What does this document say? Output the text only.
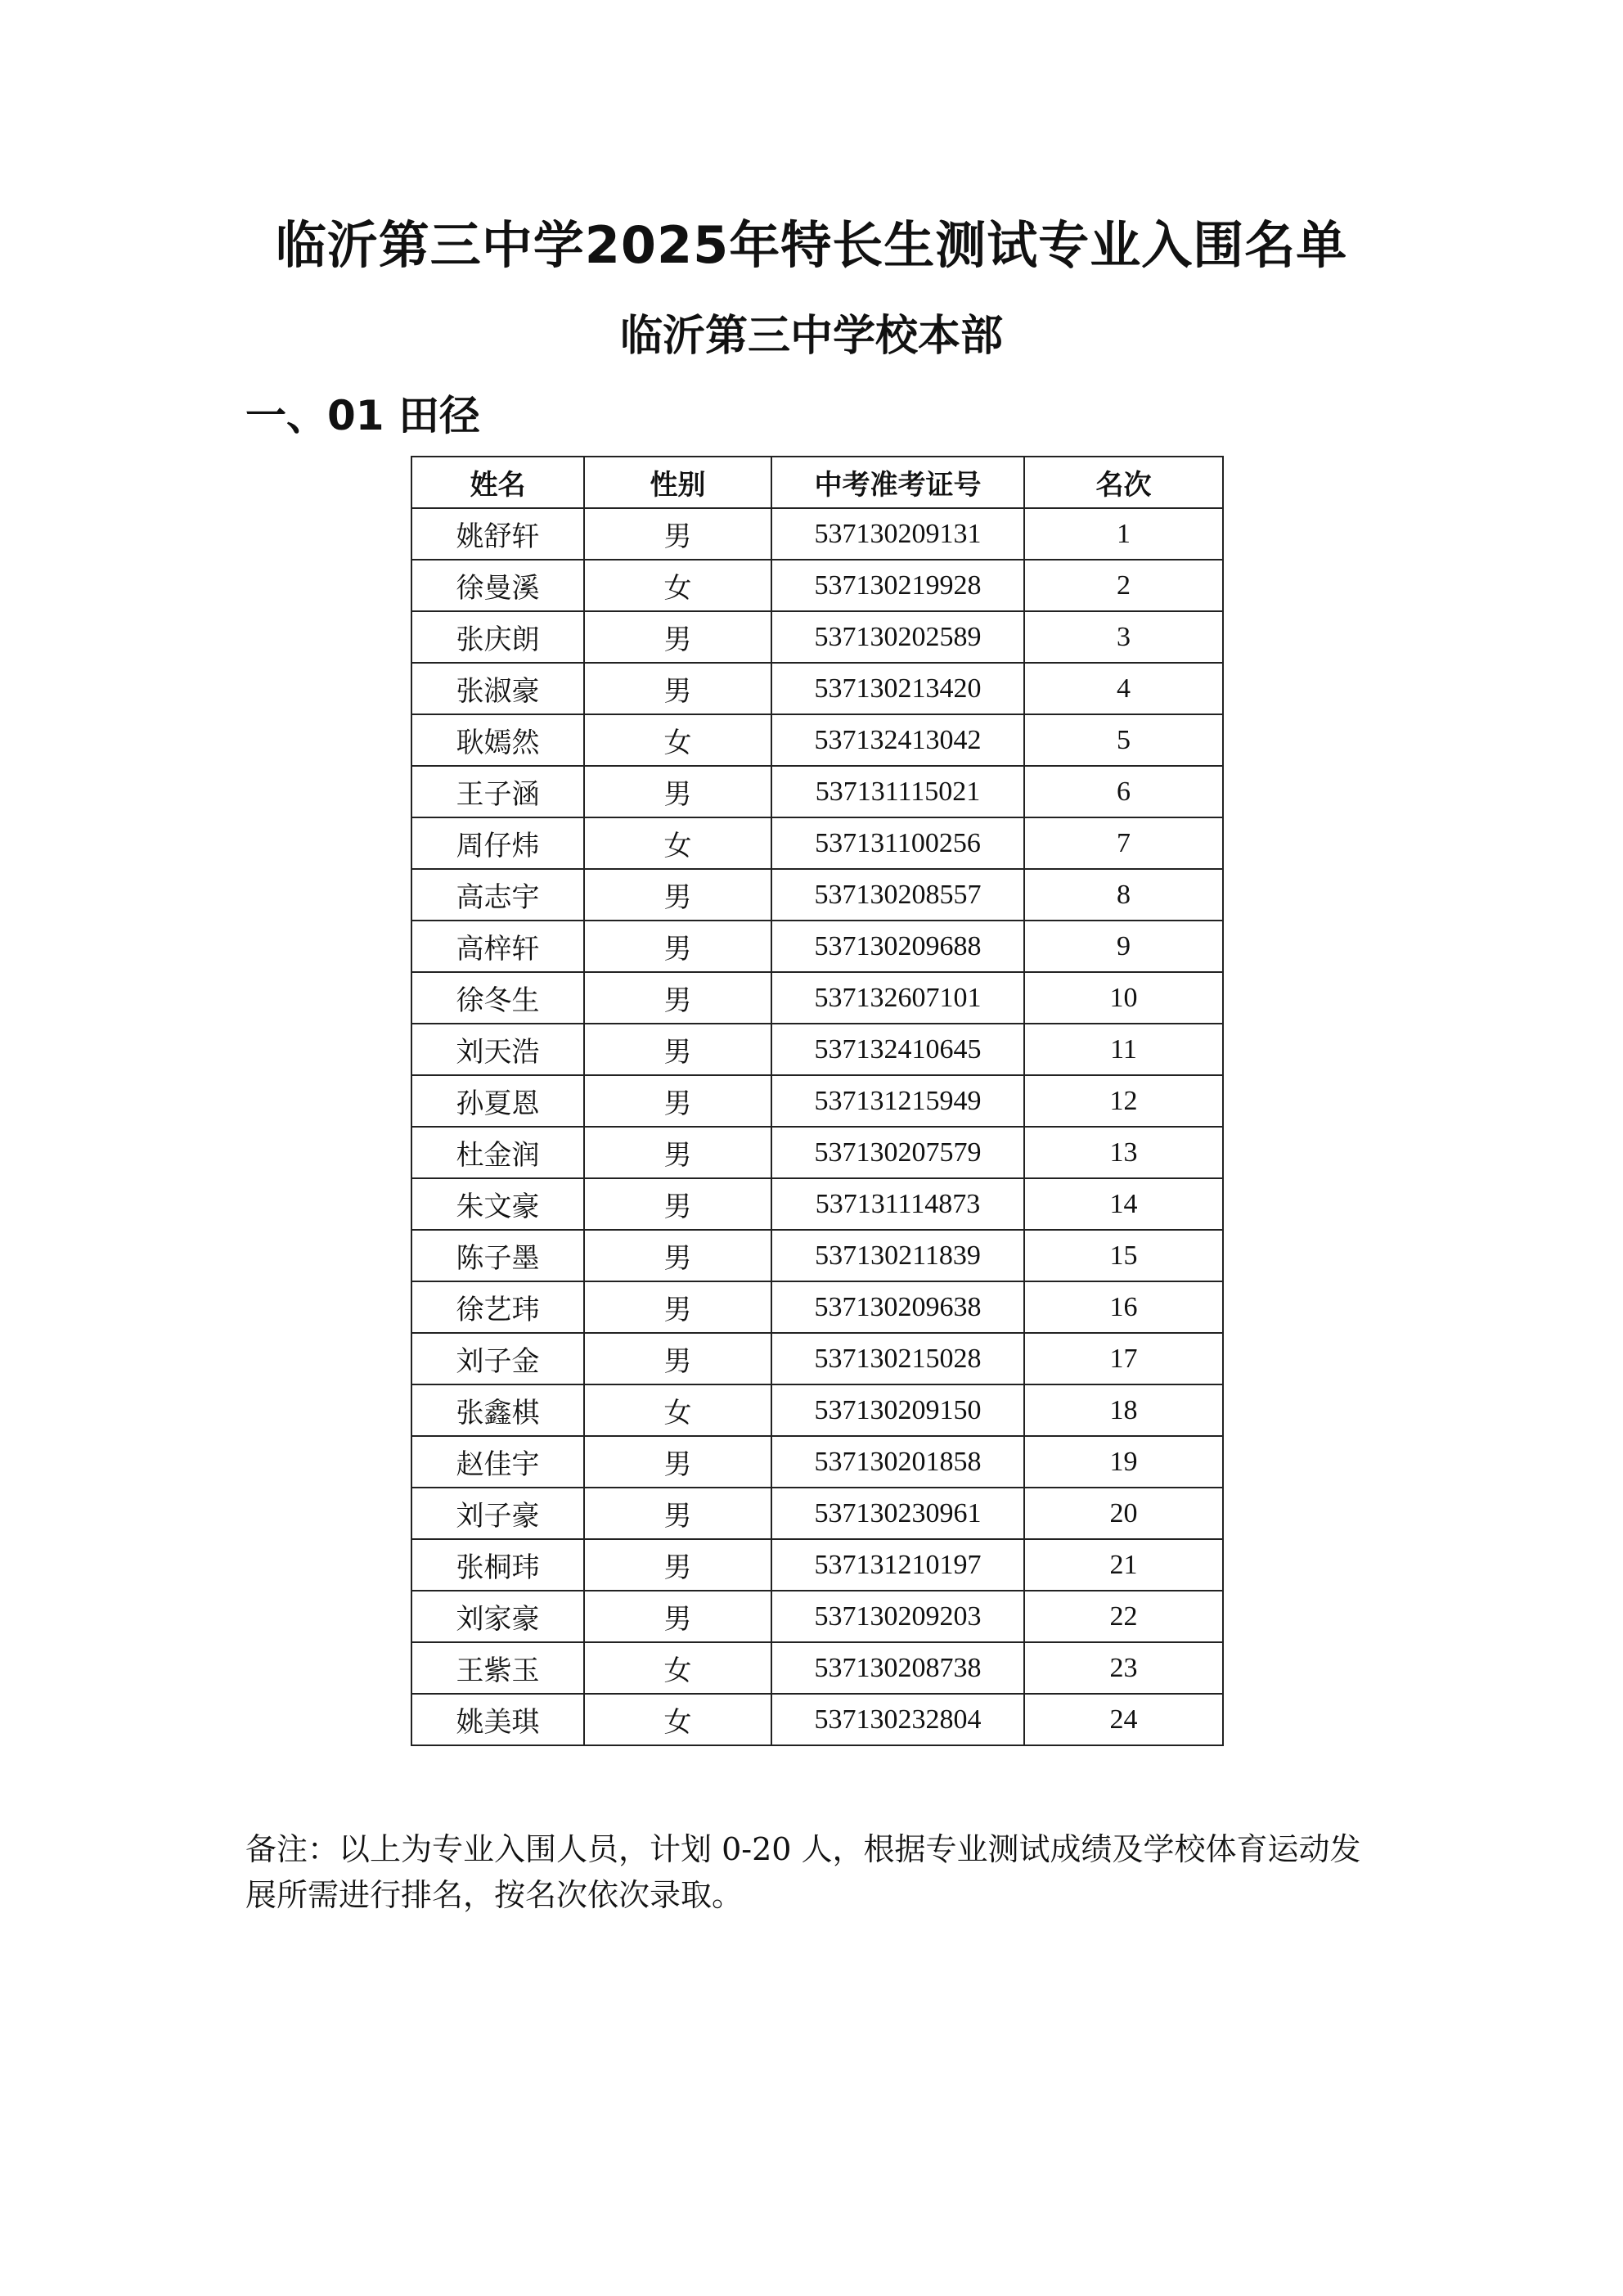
临沂第三中学2025年特长生测试专业入围名单
临沂第三中学校本部
一、01 田径
姓名	性别	中考准考证号	名次
姚舒轩	男	537130209131	1
徐曼溪	女	537130219928	2
张庆朗	男	537130202589	3
张淑豪	男	537130213420	4
耿嫣然	女	537132413042	5
王子涵	男	537131115021	6
周仔炜	女	537131100256	7
高志宇	男	537130208557	8
高梓轩	男	537130209688	9
徐冬生	男	537132607101	10
刘天浩	男	537132410645	11
孙夏恩	男	537131215949	12
杜金润	男	537130207579	13
朱文豪	男	537131114873	14
陈子墨	男	537130211839	15
徐艺玮	男	537130209638	16
刘子金	男	537130215028	17
张鑫棋	女	537130209150	18
赵佳宇	男	537130201858	19
刘子豪	男	537130230961	20
张桐玮	男	537131210197	21
刘家豪	男	537130209203	22
王紫玉	女	537130208738	23
姚美琪	女	537130232804	24
备注：以上为专业入围人员，计划 0-20 人，根据专业测试成绩及学校体育运动发展所需进行排名，按名次依次录取。
